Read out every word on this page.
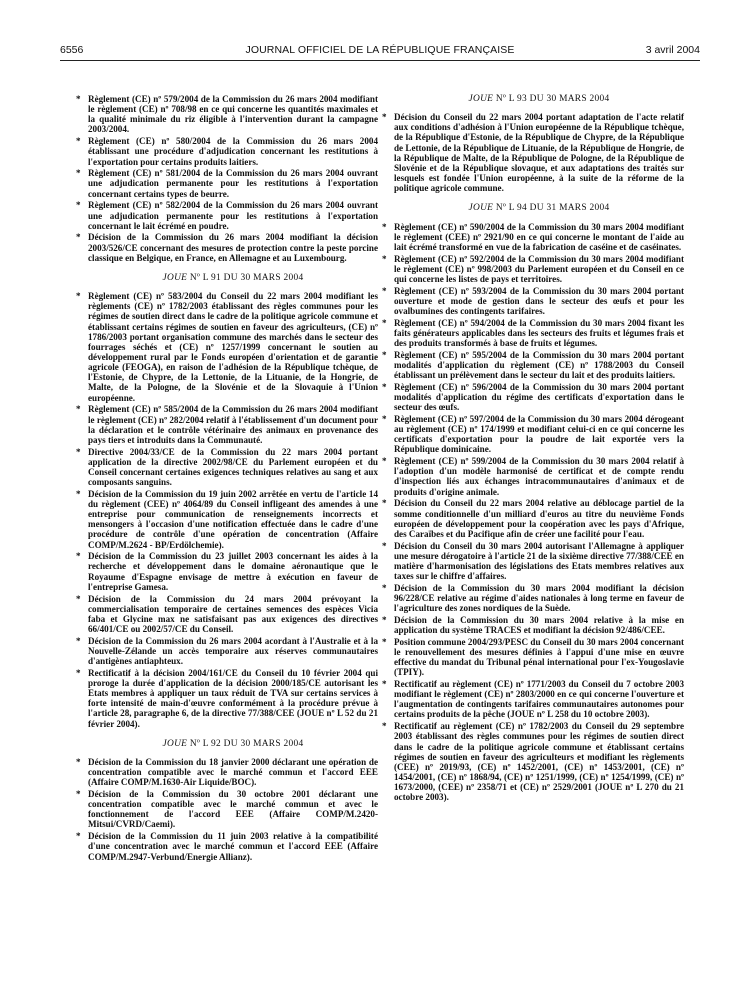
6556	JOURNAL OFFICIEL DE LA RÉPUBLIQUE FRANÇAISE	3 avril 2004
* Règlement (CE) nº 579/2004 de la Commission du 26 mars 2004 modifiant le règlement (CE) nº 708/98 en ce qui concerne les quantités maximales et la qualité minimale du riz éligible à l'intervention durant la campagne 2003/2004.
* Règlement (CE) nº 580/2004 de la Commission du 26 mars 2004 établissant une procédure d'adjudication concernant les restitutions à l'exportation pour certains produits laitiers.
* Règlement (CE) nº 581/2004 de la Commission du 26 mars 2004 ouvrant une adjudication permanente pour les restitutions à l'exportation concernant certains types de beurre.
* Règlement (CE) nº 582/2004 de la Commission du 26 mars 2004 ouvrant une adjudication permanente pour les restitutions à l'exportation concernant le lait écrémé en poudre.
* Décision de la Commission du 26 mars 2004 modifiant la décision 2003/526/CE concernant des mesures de protection contre la peste porcine classique en Belgique, en France, en Allemagne et au Luxembourg.
JOUE Nº L 91 DU 30 MARS 2004
* Règlement (CE) nº 583/2004 du Conseil du 22 mars 2004 modifiant les règlements (CE) nº 1782/2003 établissant des règles communes pour les régimes de soutien direct dans le cadre de la politique agricole commune et établissant certains régimes de soutien en faveur des agriculteurs, (CE) nº 1786/2003 portant organisation commune des marchés dans le secteur des fourrages séchés et (CE) nº 1257/1999 concernant le soutien au développement rural par le Fonds européen d'orientation et de garantie agricole (FEOGA), en raison de l'adhésion de la République tchèque, de l'Estonie, de Chypre, de la Lettonie, de la Lituanie, de la Hongrie, de Malte, de la Pologne, de la Slovénie et de la Slovaquie à l'Union européenne.
* Règlement (CE) nº 585/2004 de la Commission du 26 mars 2004 modifiant le règlement (CE) nº 282/2004 relatif à l'établissement d'un document pour la déclaration et le contrôle vétérinaire des animaux en provenance des pays tiers et introduits dans la Communauté.
* Directive 2004/33/CE de la Commission du 22 mars 2004 portant application de la directive 2002/98/CE du Parlement européen et du Conseil concernant certaines exigences techniques relatives au sang et aux composants sanguins.
* Décision de la Commission du 19 juin 2002 arrêtée en vertu de l'article 14 du règlement (CEE) nº 4064/89 du Conseil infligeant des amendes à une entreprise pour communication de renseignements incorrects et mensongers à l'occasion d'une notification effectuée dans le cadre d'une procédure de contrôle d'une opération de concentration (Affaire COMP/M.2624 - BP/Erdölchemie).
* Décision de la Commission du 23 juillet 2003 concernant les aides à la recherche et développement dans le domaine aéronautique que le Royaume d'Espagne envisage de mettre à exécution en faveur de l'entreprise Gamesa.
* Décision de la Commission du 24 mars 2004 prévoyant la commercialisation temporaire de certaines semences des espèces Vicia faba et Glycine max ne satisfaisant pas aux exigences des directives 66/401/CE ou 2002/57/CE du Conseil.
* Décision de la Commission du 26 mars 2004 acordant à l'Australie et à la Nouvelle-Zélande un accès temporaire aux réserves communautaires d'antigènes antiaphteux.
* Rectificatif à la décision 2004/161/CE du Conseil du 10 février 2004 qui proroge la durée d'application de la décision 2000/185/CE autorisant les Etats membres à appliquer un taux réduit de TVA sur certains services à forte intensité de main-d'œuvre conformément à la procédure prévue à l'article 28, paragraphe 6, de la directive 77/388/CEE (JOUE nº L 52 du 21 février 2004).
JOUE Nº L 92 DU 30 MARS 2004
* Décision de la Commission du 18 janvier 2000 déclarant une opération de concentration compatible avec le marché commun et l'accord EEE (Affaire COMP/M.1630-Air Liquide/BOC).
* Décision de la Commission du 30 octobre 2001 déclarant une concentration compatible avec le marché commun et avec le fonctionnement de l'accord EEE (Affaire COMP/M.2420-Mitsui/CVRD/Caemi).
* Décision de la Commission du 11 juin 2003 relative à la compatibilité d'une concentration avec le marché commun et l'accord EEE (Affaire COMP/M.2947-Verbund/Energie Allianz).
JOUE Nº L 93 DU 30 MARS 2004
* Décision du Conseil du 22 mars 2004 portant adaptation de l'acte relatif aux conditions d'adhésion à l'Union européenne de la République tchèque, de la République d'Estonie, de la République de Chypre, de la République de Lettonie, de la République de Lituanie, de la République de Hongrie, de la République de Malte, de la République de Pologne, de la République de Slovénie et de la République slovaque, et aux adaptations des traités sur lesquels est fondée l'Union européenne, à la suite de la réforme de la politique agricole commune.
JOUE Nº L 94 DU 31 MARS 2004
* Règlement (CE) nº 590/2004 de la Commission du 30 mars 2004 modifiant le règlement (CEE) nº 2921/90 en ce qui concerne le montant de l'aide au lait écrémé transformé en vue de la fabrication de caséine et de caséinates.
* Règlement (CE) nº 592/2004 de la Commission du 30 mars 2004 modifiant le règlement (CE) nº 998/2003 du Parlement européen et du Conseil en ce qui concerne les listes de pays et territoires.
* Règlement (CE) nº 593/2004 de la Commission du 30 mars 2004 portant ouverture et mode de gestion dans le secteur des œufs et pour les ovalbumines des contingents tarifaires.
* Règlement (CE) nº 594/2004 de la Commission du 30 mars 2004 fixant les faits générateurs applicables dans les secteurs des fruits et légumes frais et des produits transformés à base de fruits et légumes.
* Règlement (CE) nº 595/2004 de la Commission du 30 mars 2004 portant modalités d'application du règlement (CE) nº 1788/2003 du Conseil établissant un prélèvement dans le secteur du lait et des produits laitiers.
* Règlement (CE) nº 596/2004 de la Commission du 30 mars 2004 portant modalités d'application du régime des certificats d'exportation dans le secteur des œufs.
* Règlement (CE) nº 597/2004 de la Commission du 30 mars 2004 dérogeant au règlement (CE) nº 174/1999 et modifiant celui-ci en ce qui concerne les certificats d'exportation pour la poudre de lait exportée vers la République dominicaine.
* Règlement (CE) nº 599/2004 de la Commission du 30 mars 2004 relatif à l'adoption d'un modèle harmonisé de certificat et de compte rendu d'inspection liés aux échanges intracommunautaires d'animaux et de produits d'origine animale.
* Décision du Conseil du 22 mars 2004 relative au déblocage partiel de la somme conditionnelle d'un milliard d'euros au titre du neuvième Fonds européen de développement pour la coopération avec les pays d'Afrique, des Caraïbes et du Pacifique afin de créer une facilité pour l'eau.
* Décision du Conseil du 30 mars 2004 autorisant l'Allemagne à appliquer une mesure dérogatoire à l'article 21 de la sixième directive 77/388/CEE en matière d'harmonisation des législations des Etats membres relatives aux taxes sur le chiffre d'affaires.
* Décision de la Commission du 30 mars 2004 modifiant la décision 96/228/CE relative au régime d'aides nationales à long terme en faveur de l'agriculture des zones nordiques de la Suède.
* Décision de la Commission du 30 mars 2004 relative à la mise en application du système TRACES et modifiant la décision 92/486/CEE.
* Position commune 2004/293/PESC du Conseil du 30 mars 2004 concernant le renouvellement des mesures définies à l'appui d'une mise en œuvre effective du mandat du Tribunal pénal international pour l'ex-Yougoslavie (TPIY).
* Rectificatif au règlement (CE) nº 1771/2003 du Conseil du 7 octobre 2003 modifiant le règlement (CE) nº 2803/2000 en ce qui concerne l'ouverture et l'augmentation de contingents tarifaires communautaires autonomes pour certains produits de la pêche (JOUE nº L 258 du 10 octobre 2003).
* Rectificatif au règlement (CE) nº 1782/2003 du Conseil du 29 septembre 2003 établissant des règles communes pour les régimes de soutien direct dans le cadre de la politique agricole commune et établissant certains régimes de soutien en faveur des agriculteurs et modifiant les règlements (CEE) nº 2019/93, (CE) nº 1452/2001, (CE) nº 1453/2001, (CE) nº 1454/2001, (CE) nº 1868/94, (CE) nº 1251/1999, (CE) nº 1254/1999, (CE) nº 1673/2000, (CEE) nº 2358/71 et (CE) nº 2529/2001 (JOUE nº L 270 du 21 octobre 2003).
